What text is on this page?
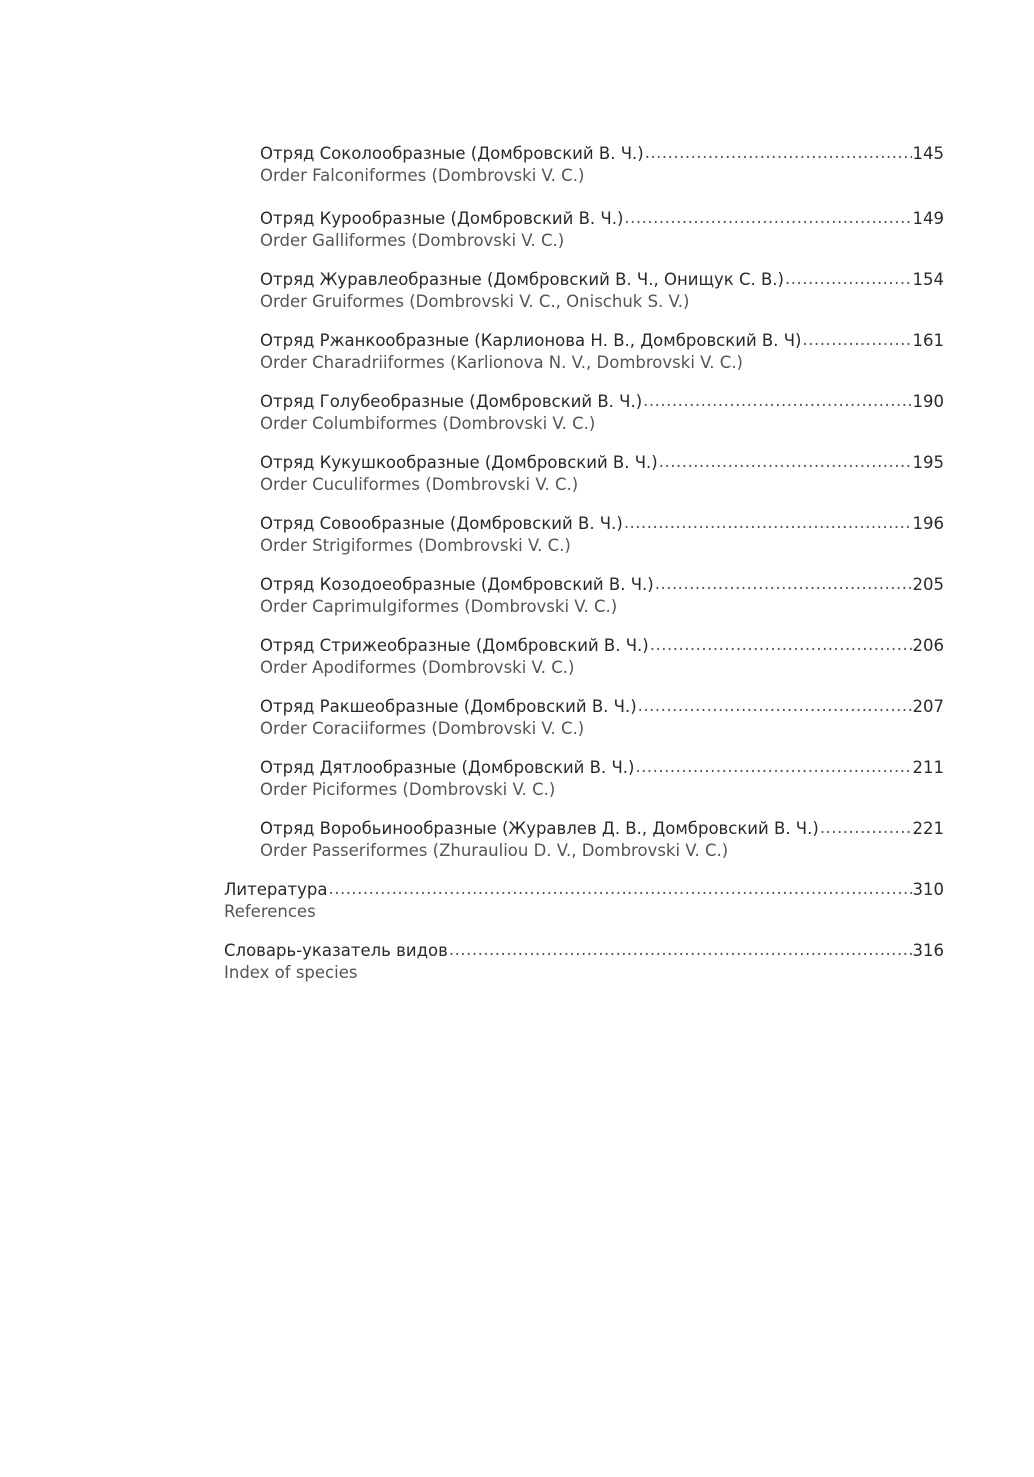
Отряд Соколообразные (Домбровский В. Ч.) .....	145
Order Falconiformes (Dombrovski V. C.)
Отряд Курообразные (Домбровский В. Ч.) .....	149
Order Galliformes (Dombrovski V. C.)
Отряд Журавлеобразные (Домбровский В. Ч., Онищук С. В.) .....	154
Order Gruiformes (Dombrovski V. C., Onischuk S. V.)
Отряд Ржанкообразные (Карлионова Н. В., Домбровский В. Ч) .....	161
Order Charadriiformes (Karlionova N. V., Dombrovski V. C.)
Отряд Голубеобразные (Домбровский В. Ч.) .....	190
Order Columbiformes (Dombrovski V. C.)
Отряд Кукушкообразные (Домбровский В. Ч.) .....	195
Order Cuculiformes (Dombrovski V. C.)
Отряд Совообразные (Домбровский В. Ч.) .....	196
Order Strigiformes (Dombrovski V. C.)
Отряд Козодоеобразные (Домбровский В. Ч.) .....	205
Order Caprimulgiformes (Dombrovski V. C.)
Отряд Стрижеобразные (Домбровский В. Ч.) .....	206
Order Apodiformes (Dombrovski V. C.)
Отряд Ракшеобразные (Домбровский В. Ч.) .....	207
Order Coraciiformes (Dombrovski V. C.)
Отряд Дятлообразные (Домбровский В. Ч.) .....	211
Order Piciformes (Dombrovski V. C.)
Отряд Воробьинообразные (Журавлев Д. В., Домбровский В. Ч.) .....	221
Order Passeriformes (Zhurauliou D. V., Dombrovski V. C.)
Литература .....	310
References
Словарь-указатель видов .....	316
Index of species
